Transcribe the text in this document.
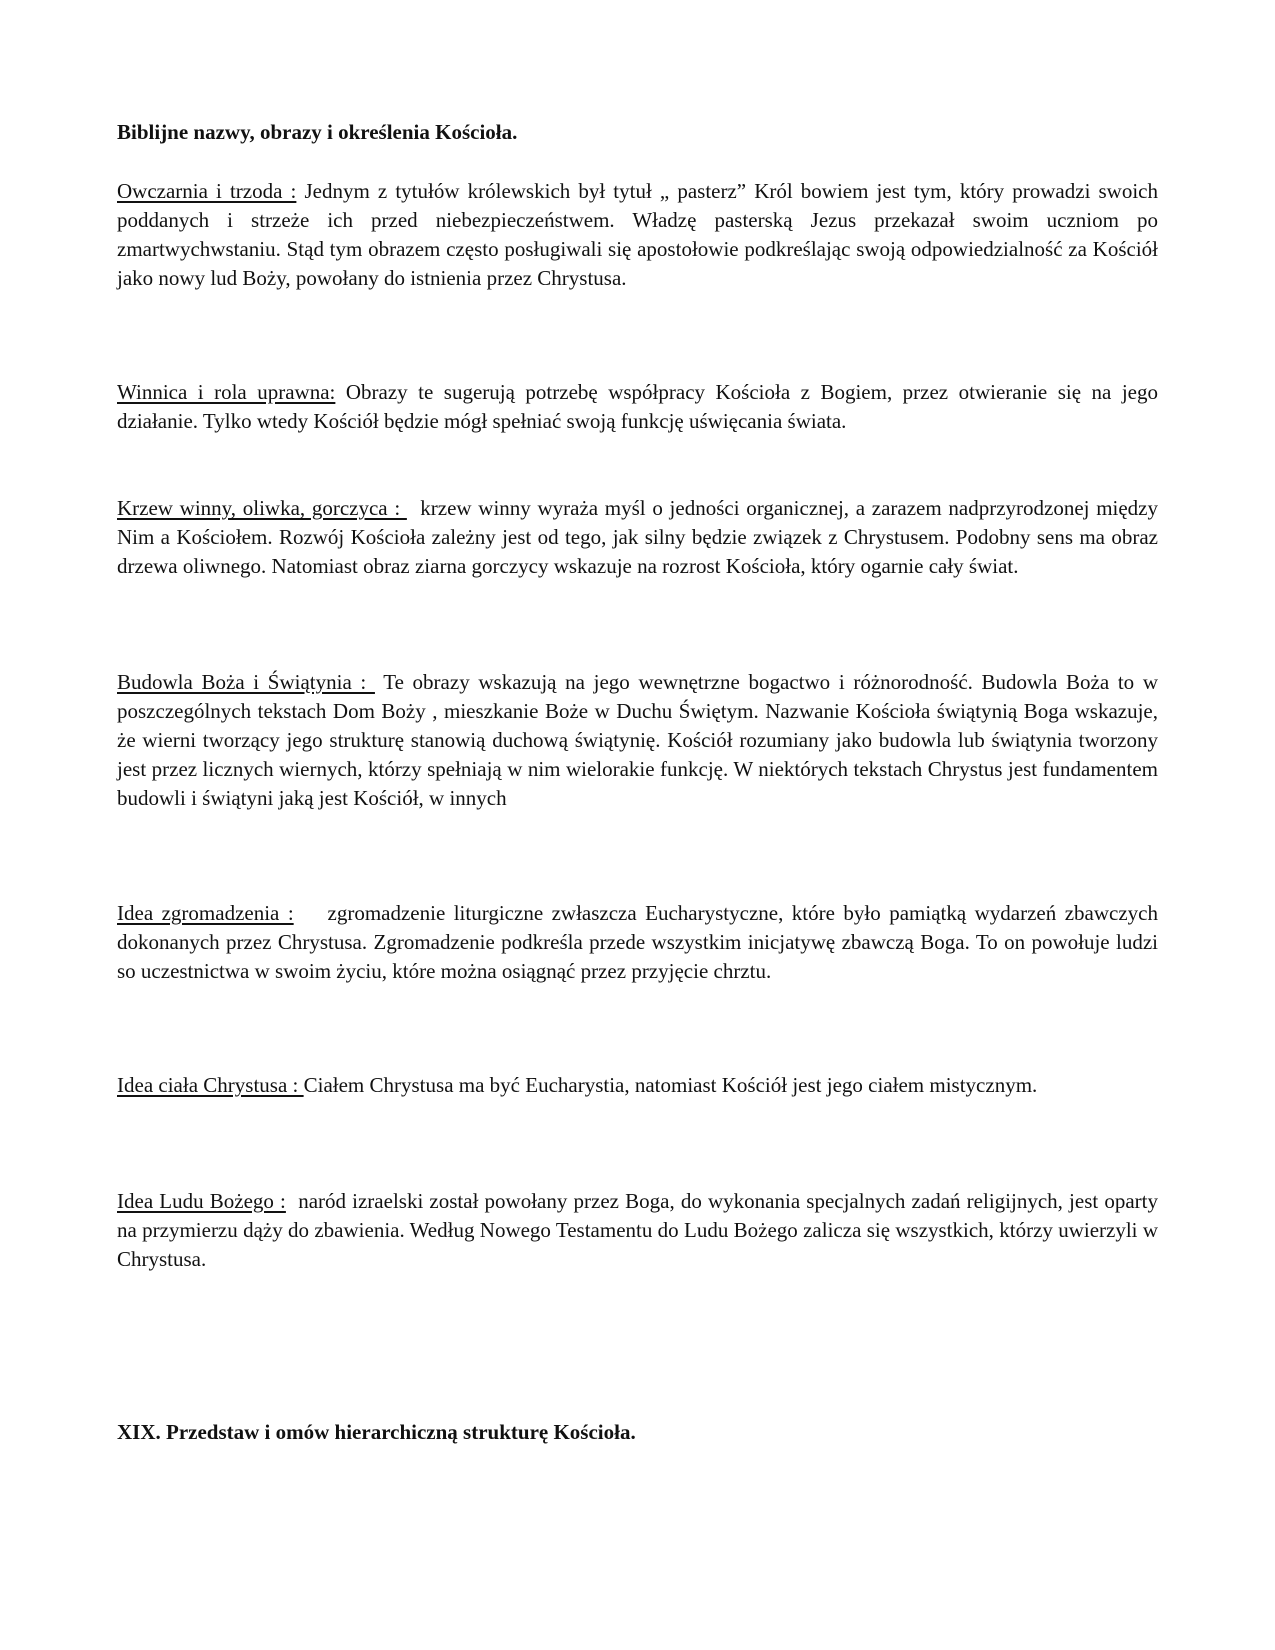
Biblijne nazwy, obrazy i określenia Kościoła.

Owczarnia i trzoda : Jednym z tytułów królewskich był tytuł „ pasterz” Król bowiem jest tym, który prowadzi swoich poddanych i strzeże ich przed niebezpieczeństwem. Władzę pasterską Jezus przekazał swoim uczniom po zmartwychwstaniu. Stąd tym obrazem często posługiwali się apostołowie podkreślając swoją odpowiedzialność za Kościół jako nowy lud Boży, powołany do istnienia przez Chrystusa.

Winnica i rola uprawna: Obrazy te sugerują potrzebę współpracy Kościoła z Bogiem, przez otwieranie się na jego działanie. Tylko wtedy Kościół będzie mógł spełniać swoją funkcję uświęcania świata.

Krzew winny, oliwka, gorczyca :   krzew winny wyraża myśl o jedności organicznej, a zarazem nadprzyrodzonej między Nim a Kościołem. Rozwój Kościoła zależny jest od tego, jak silny będzie związek z Chrystusem. Podobny sens ma obraz drzewa oliwnego. Natomiast obraz ziarna gorczycy wskazuje na rozrost Kościoła, który ogarnie cały świat.

Budowla Boża i Świątynia :  Te obrazy wskazują na jego wewnętrzne bogactwo i różnorodność. Budowla Boża to w poszczególnych tekstach Dom Boży , mieszkanie Boże w Duchu Świętym. Nazwanie Kościoła świątynią Boga wskazuje, że wierni tworzący jego strukturę stanowią duchową świątynię. Kościół rozumiany jako budowla lub świątynia tworzony jest przez licznych wiernych, którzy spełniają w nim wielorakie funkcję. W niektórych tekstach Chrystus jest fundamentem budowli i świątyni jaką jest Kościół, w innych

Idea zgromadzenia : zgromadzenie liturgiczne zwłaszcza Eucharystyczne, które było pamiątką wydarzeń zbawczych dokonanych przez Chrystusa. Zgromadzenie podkreśla przede wszystkim inicjatywę zbawczą Boga. To on powołuje ludzi so uczestnictwa w swoim życiu, które można osiągnąć przez przyjęcie chrztu.

Idea ciała Chrystusa : Ciałem Chrystusa ma być Eucharystia, natomiast Kościół jest jego ciałem mistycznym.

Idea Ludu Bożego : naród izraelski został powołany przez Boga, do wykonania specjalnych zadań religijnych, jest oparty na przymierzu dąży do zbawienia. Według Nowego Testamentu do Ludu Bożego zalicza się wszystkich, którzy uwierzyli w Chrystusa.

XIX. Przedstaw i omów hierarchiczną strukturę Kościoła.
